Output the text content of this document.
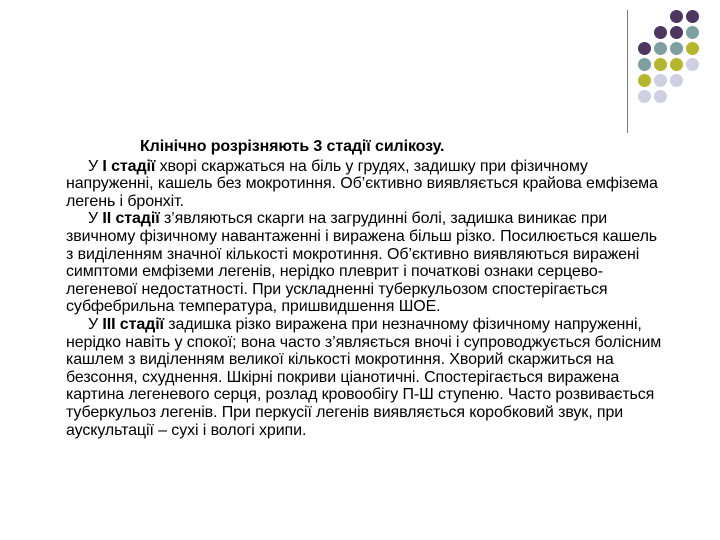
Клінічно розрізняють 3 стадії силікозу.

У І стадії хворі скаржаться на біль у грудях, задишку при фізичному напруженні, кашель без мокротиння. Об’єктивно виявляється крайова емфізема легень і бронхіт.

У ІІ стадії з’являються скарги на загрудинні болі, задишка виникає при звичному фізичному навантаженні і виражена більш різко. Посилюється кашель з виділенням значної кількості мокротиння. Об’єктивно виявляються виражені симптоми емфіземи легенів, нерідко плеврит і початкові ознаки серцево-легеневої недостатності. При ускладненні туберкульозом спостерігається субфебрильна температура, пришвидшення ШОЕ.

У ІІІ стадії задишка різко виражена при незначному фізичному напруженні, нерідко навіть у спокої; вона часто з’являється вночі і супроводжується болісним кашлем з виділенням великої кількості мокротиння. Хворий скаржиться на безсоння, схуднення. Шкірні покриви ціанотичні. Спостерігається виражена картина легеневого серця, розлад кровообігу П-Ш ступеню. Часто розвивається туберкульоз легенів. При перкусії легенів виявляється коробковий звук, при аускультації – сухі і вологі хрипи.
